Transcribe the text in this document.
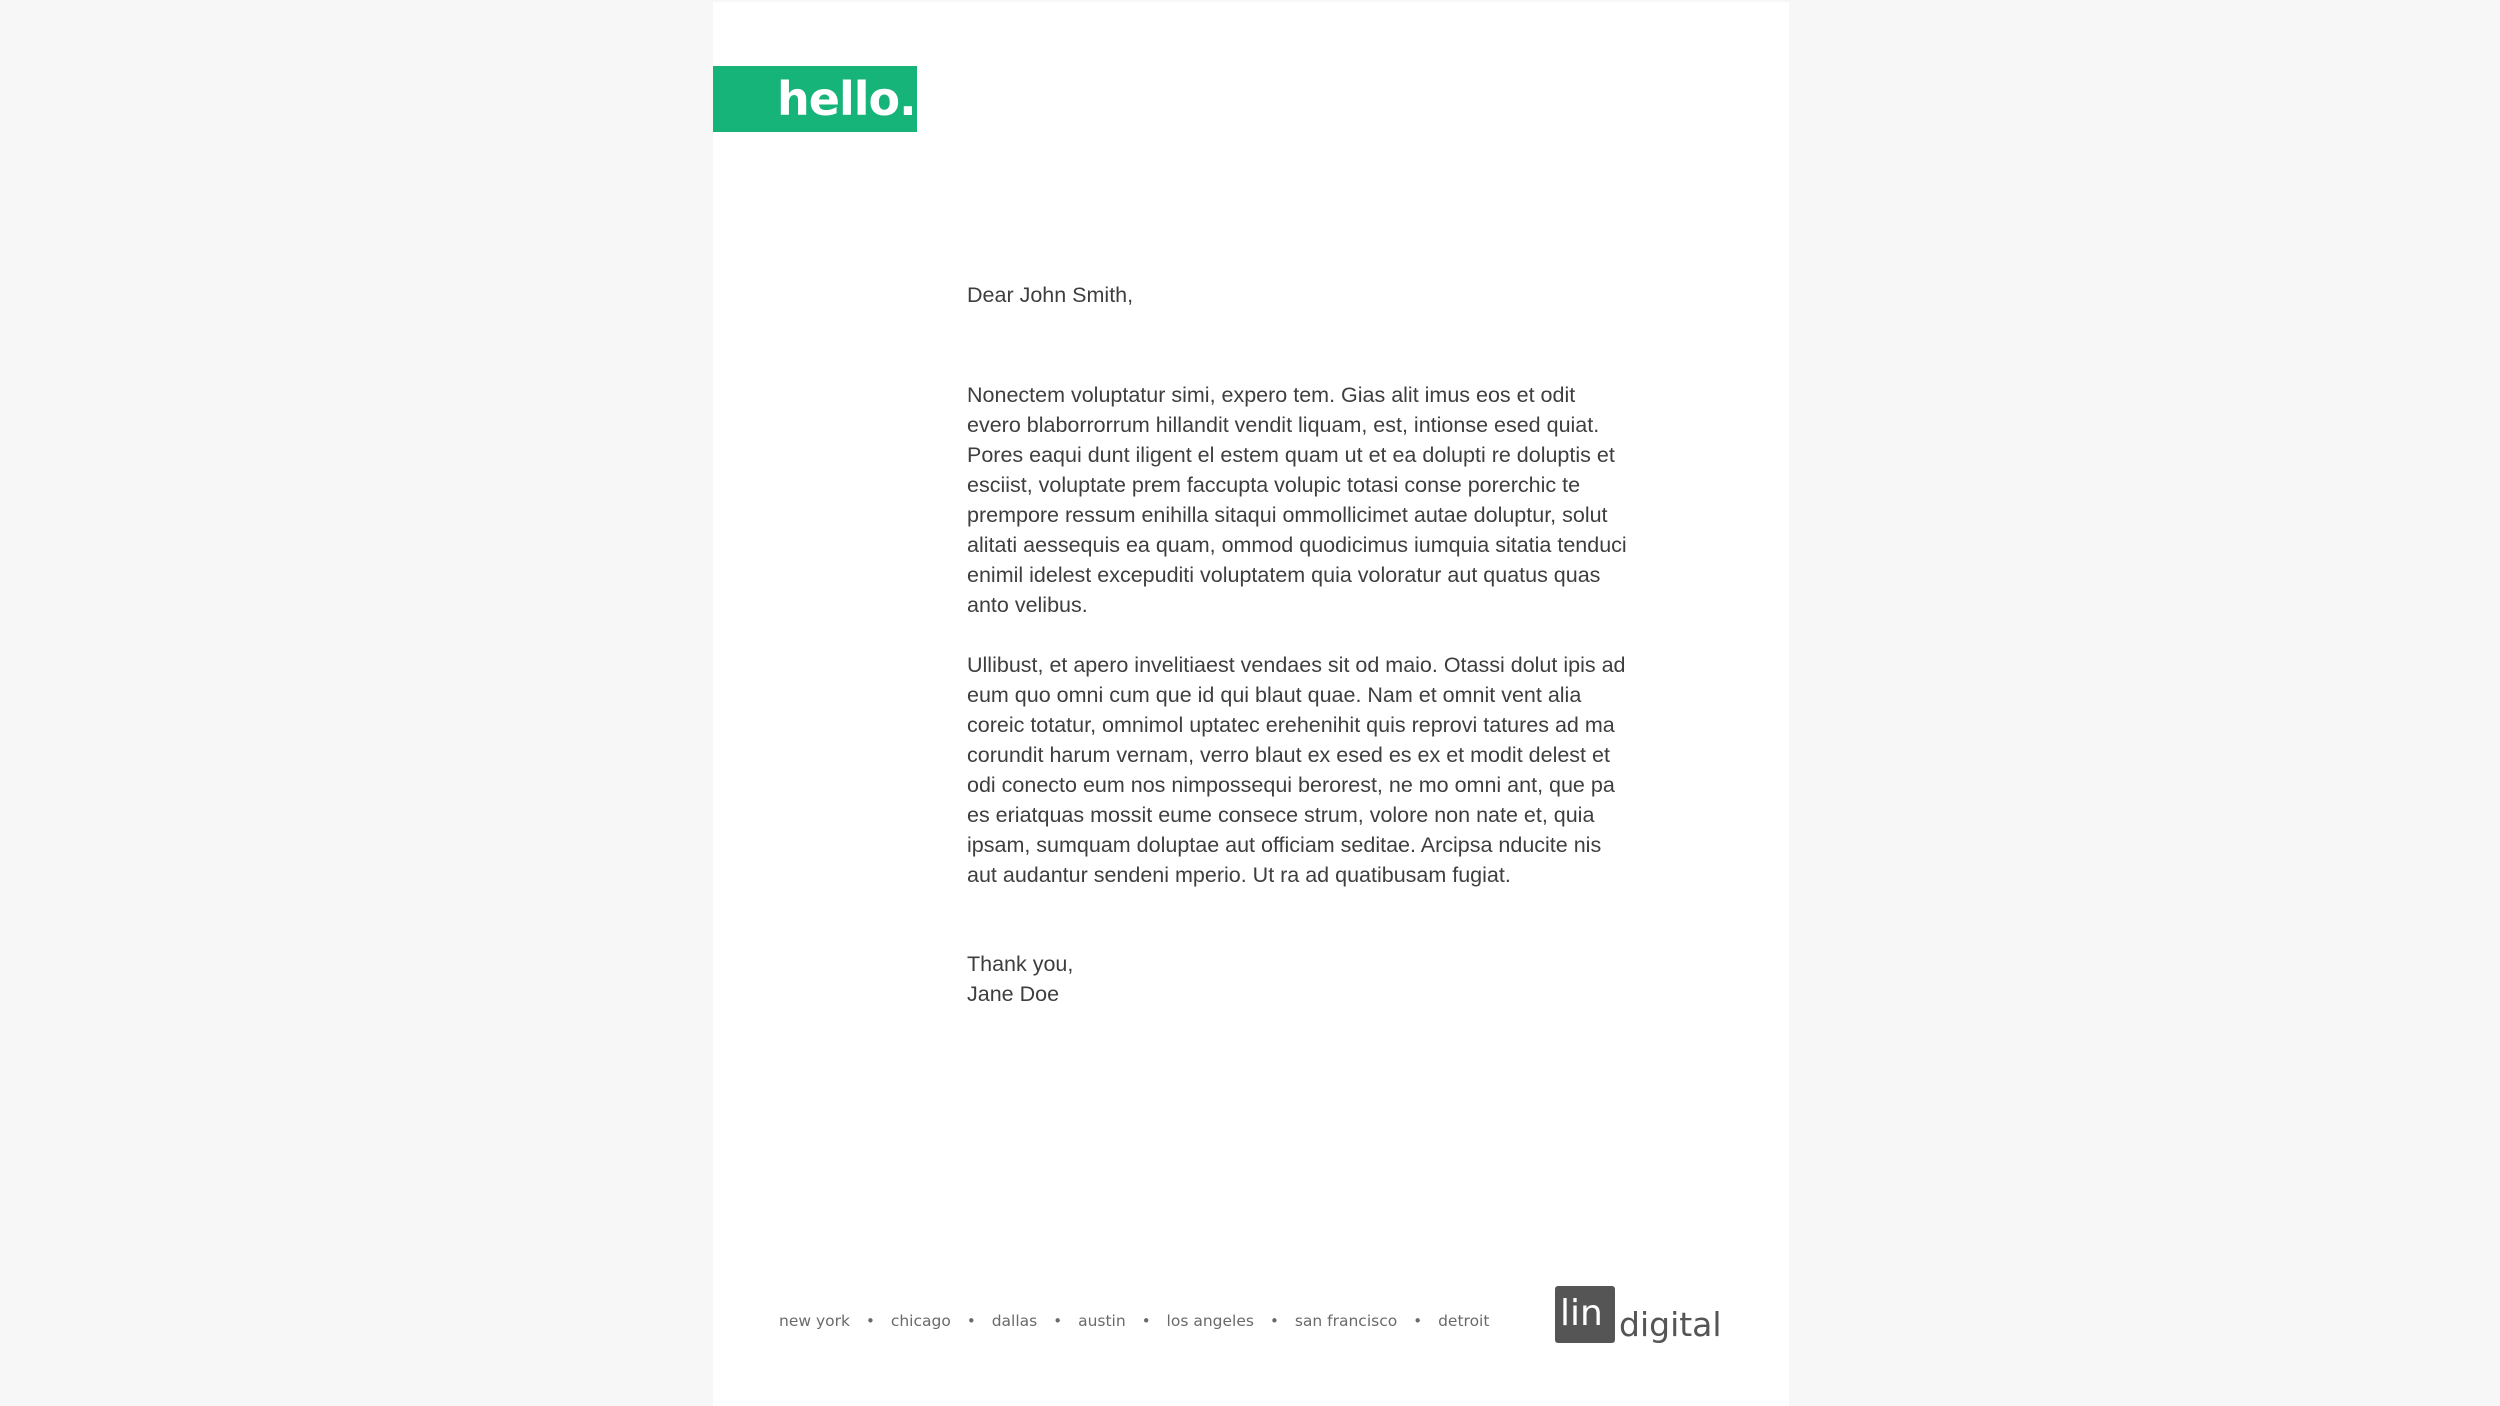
hello.

Dear John Smith,

Nonectem voluptatur simi, expero tem. Gias alit imus eos et odit evero blaborrorrum hillandit vendit liquam, est, intionse esed quiat. Pores eaqui dunt iligent el estem quam ut et ea dolupti re doluptis et esciist, voluptate prem faccupta volupic totasi conse porerchic te prempore ressum enihilla sitaqui ommollicimet autae doluptur, solut alitati aessequis ea quam, ommod quodicimus iumquia sitatia tenduci enimil idelest excepuditi voluptatem quia voloratur aut quatus quas anto velibus.

Ullibust, et apero invelitiaest vendaes sit od maio. Otassi dolut ipis ad eum quo omni cum que id qui blaut quae. Nam et omnit vent alia coreic totatur, omnimol uptatec erehenihit quis reprovi tatures ad ma corundit harum vernam, verro blaut ex esed es ex et modit delest et odi conecto eum nos nimpossequi berorest, ne mo omni ant, que pa es eriatquas mossit eume consece strum, volore non nate et, quia ipsam, sumquam doluptae aut officiam seditae. Arcipsa nducite nis aut audantur sendeni mperio. Ut ra ad quatibusam fugiat.

Thank you,

Jane Doe

new york • chicago • dallas • austin • los angeles • san francisco • detroit lin digital
